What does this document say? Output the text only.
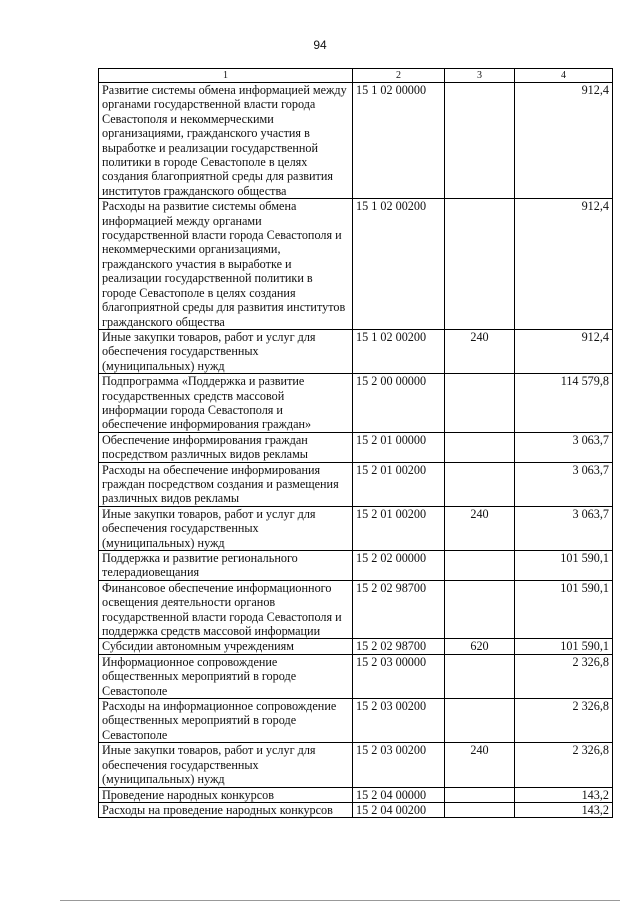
94
1	2	3	4
Развитие системы обмена информацией между органами государственной власти города Севастополя и некоммерческими организациями, гражданского участия в выработке и реализации государственной политики в городе Севастополе в целях создания благоприятной среды для развития институтов гражданского общества	15 1 02 00000		912,4
Расходы на развитие системы обмена информацией между органами государственной власти города Севастополя и некоммерческими организациями, гражданского участия в выработке и реализации государственной политики в городе Севастополе в целях создания благоприятной среды для развития институтов гражданского общества	15 1 02 00200		912,4
Иные закупки товаров, работ и услуг для обеспечения государственных (муниципальных) нужд	15 1 02 00200	240	912,4
Подпрограмма «Поддержка и развитие государственных средств массовой информации города Севастополя и обеспечение информирования граждан»	15 2 00 00000		114 579,8
Обеспечение информирования граждан посредством различных видов рекламы	15 2 01 00000		3 063,7
Расходы на обеспечение информирования граждан посредством создания и размещения различных видов рекламы	15 2 01 00200		3 063,7
Иные закупки товаров, работ и услуг для обеспечения государственных (муниципальных) нужд	15 2 01 00200	240	3 063,7
Поддержка и развитие регионального телерадиовещания	15 2 02 00000		101 590,1
Финансовое обеспечение информационного освещения деятельности органов государственной власти города Севастополя и поддержка средств массовой информации	15 2 02 98700		101 590,1
Субсидии автономным учреждениям	15 2 02 98700	620	101 590,1
Информационное сопровождение общественных мероприятий в городе Севастополе	15 2 03 00000		2 326,8
Расходы на информационное сопровождение общественных мероприятий в городе Севастополе	15 2 03 00200		2 326,8
Иные закупки товаров, работ и услуг для обеспечения государственных (муниципальных) нужд	15 2 03 00200	240	2 326,8
Проведение народных конкурсов	15 2 04 00000		143,2
Расходы на проведение народных конкурсов	15 2 04 00200		143,2
